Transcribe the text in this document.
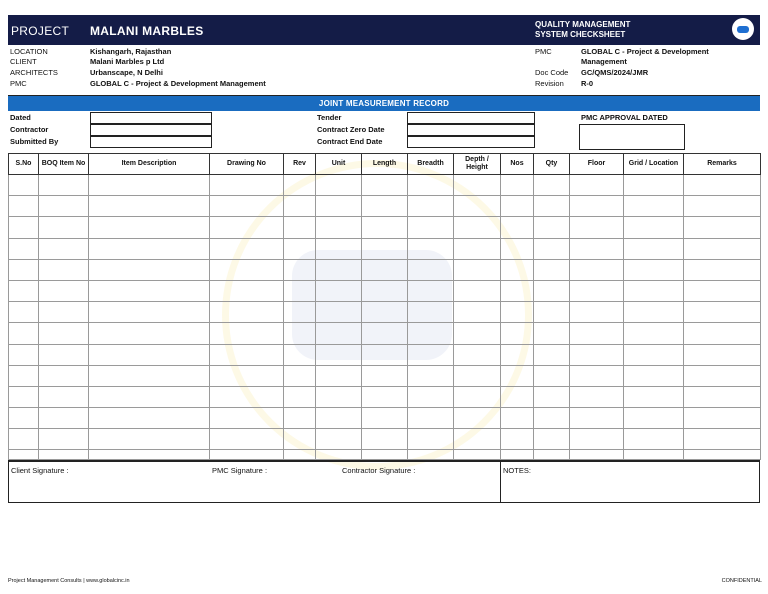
PROJECT MALANI MARBLES	QUALITY MANAGEMENT
SYSTEM CHECKSHEET
LOCATION	Kishangarh, Rajasthan	PMC	GLOBAL C - Project & Development
CLIENT	Malani Marbles p Ltd	Management
ARCHITECTS	Urbanscape, N Delhi	Doc Code GC/QMS/2024/JMR
PMC	GLOBAL C - Project & Development Management	Revision R-0
JOINT MEASUREMENT RECORD
Dated
Contractor
Submitted By
Tender
Contract Zero Date
Contract End Date
PMC APPROVAL DATED
S.No	BOQ Item No	Item Description	Drawing No	Rev	Unit	Length	Breadth	Depth / Height	Nos	Qty	Floor	Grid / Location	Remarks

Client Signature :	PMC Signature :	Contractor Signature :	NOTES:
Project Management Consults | www.globalcinc.in	CONFIDENTIAL
